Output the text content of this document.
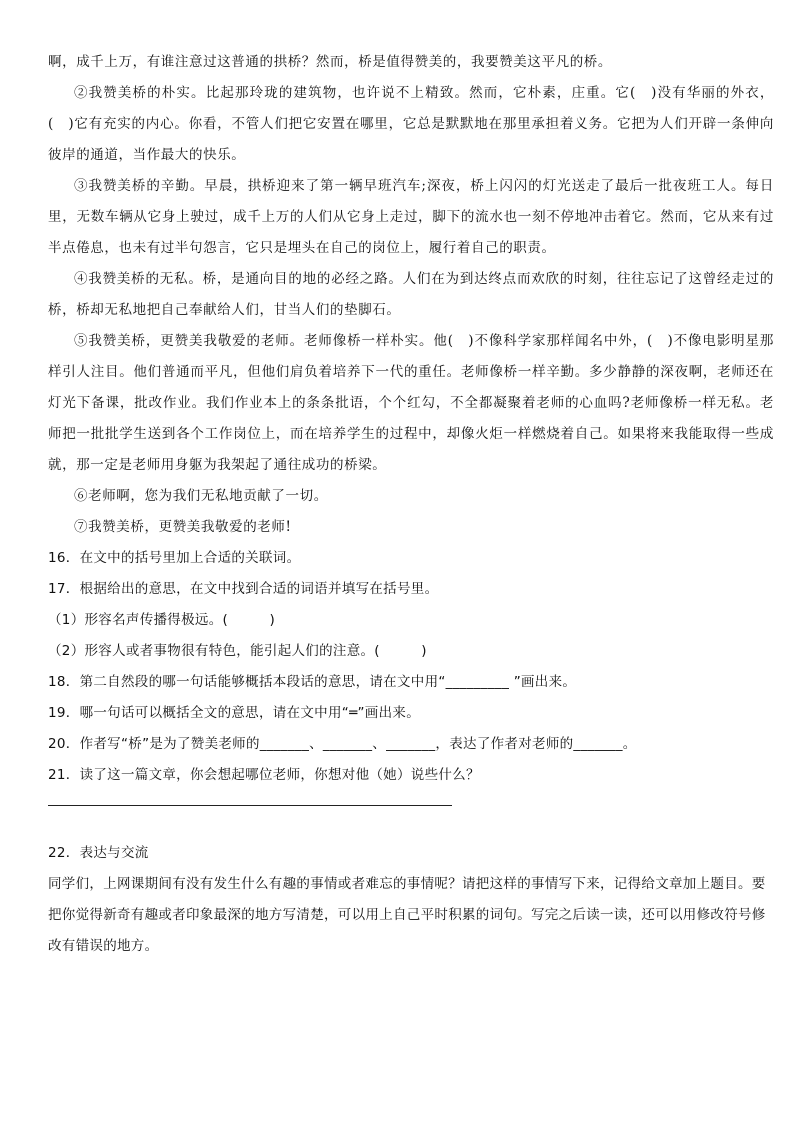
啊，成千上万，有谁注意过这普通的拱桥？然而，桥是值得赞美的，我要赞美这平凡的桥。

②我赞美桥的朴实。比起那玲珑的建筑物，也许说不上精致。然而，它朴素，庄重。它(　)没有华丽的外衣，(　)它有充实的内心。你看，不管人们把它安置在哪里，它总是默默地在那里承担着义务。它把为人们开辟一条伸向彼岸的通道，当作最大的快乐。

③我赞美桥的辛勤。早晨，拱桥迎来了第一辆早班汽车;深夜，桥上闪闪的灯光送走了最后一批夜班工人。每日里，无数车辆从它身上驶过，成千上万的人们从它身上走过，脚下的流水也一刻不停地冲击着它。然而，它从来有过半点倦息，也未有过半句怨言，它只是埋头在自己的岗位上，履行着自己的职责。

④我赞美桥的无私。桥，是通向目的地的必经之路。人们在为到达终点而欢欣的时刻，往往忘记了这曾经走过的桥，桥却无私地把自己奉献给人们，甘当人们的垫脚石。

⑤我赞美桥，更赞美我敬爱的老师。老师像桥一样朴实。他(　)不像科学家那样闻名中外，(　)不像电影明星那样引人注目。他们普通而平凡，但他们肩负着培养下一代的重任。老师像桥一样辛勤。多少静静的深夜啊，老师还在灯光下备课，批改作业。我们作业本上的条条批语，个个红勾，不全都凝聚着老师的心血吗?老师像桥一样无私。老师把一批批学生送到各个工作岗位上，而在培养学生的过程中，却像火炬一样燃烧着自己。如果将来我能取得一些成就，那一定是老师用身躯为我架起了通往成功的桥梁。

⑥老师啊，您为我们无私地贡献了一切。

⑦我赞美桥，更赞美我敬爱的老师!

16．在文中的括号里加上合适的关联词。

17．根据给出的意思，在文中找到合适的词语并填写在括号里。

（1）形容名声传播得极远。(　　　)

（2）形容人或者事物很有特色，能引起人们的注意。(　　　)

18．第二自然段的哪一句话能够概括本段话的意思，请在文中用“_________ ”画出来。

19．哪一句话可以概括全文的意思，请在文中用“═”画出来。

20．作者写“桥”是为了赞美老师的_______、_______、_______，表达了作者对老师的_______。

21．读了这一篇文章，你会想起哪位老师，你想对他（她）说些什么？

22．表达与交流

同学们，上网课期间有没有发生什么有趣的事情或者难忘的事情呢？请把这样的事情写下来，记得给文章加上题目。要把你觉得新奇有趣或者印象最深的地方写清楚，可以用上自己平时积累的词句。写完之后读一读，还可以用修改符号修改有错误的地方。
